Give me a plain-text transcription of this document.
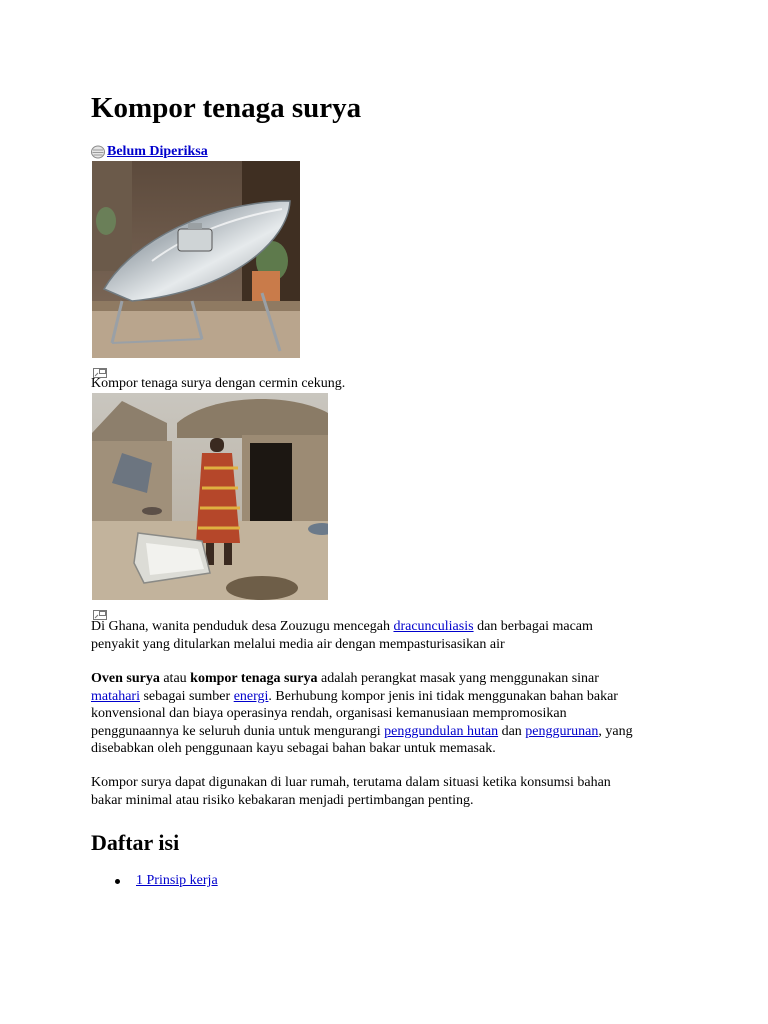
Kompor tenaga surya
Belum Diperiksa
Kompor tenaga surya dengan cermin cekung.
Di Ghana, wanita penduduk desa Zouzugu mencegah dracunculiasis dan berbagai macam
penyakit yang ditularkan melalui media air dengan mempasturisasikan air

Oven surya atau kompor tenaga surya adalah perangkat masak yang menggunakan sinar
matahari sebagai sumber energi. Berhubung kompor jenis ini tidak menggunakan bahan bakar
konvensional dan biaya operasinya rendah, organisasi kemanusiaan mempromosikan
penggunaannya ke seluruh dunia untuk mengurangi penggundulan hutan dan penggurunan, yang
disebabkan oleh penggunaan kayu sebagai bahan bakar untuk memasak.

Kompor surya dapat digunakan di luar rumah, terutama dalam situasi ketika konsumsi bahan
bakar minimal atau risiko kebakaran menjadi pertimbangan penting.

Daftar isi
1 Prinsip kerja
